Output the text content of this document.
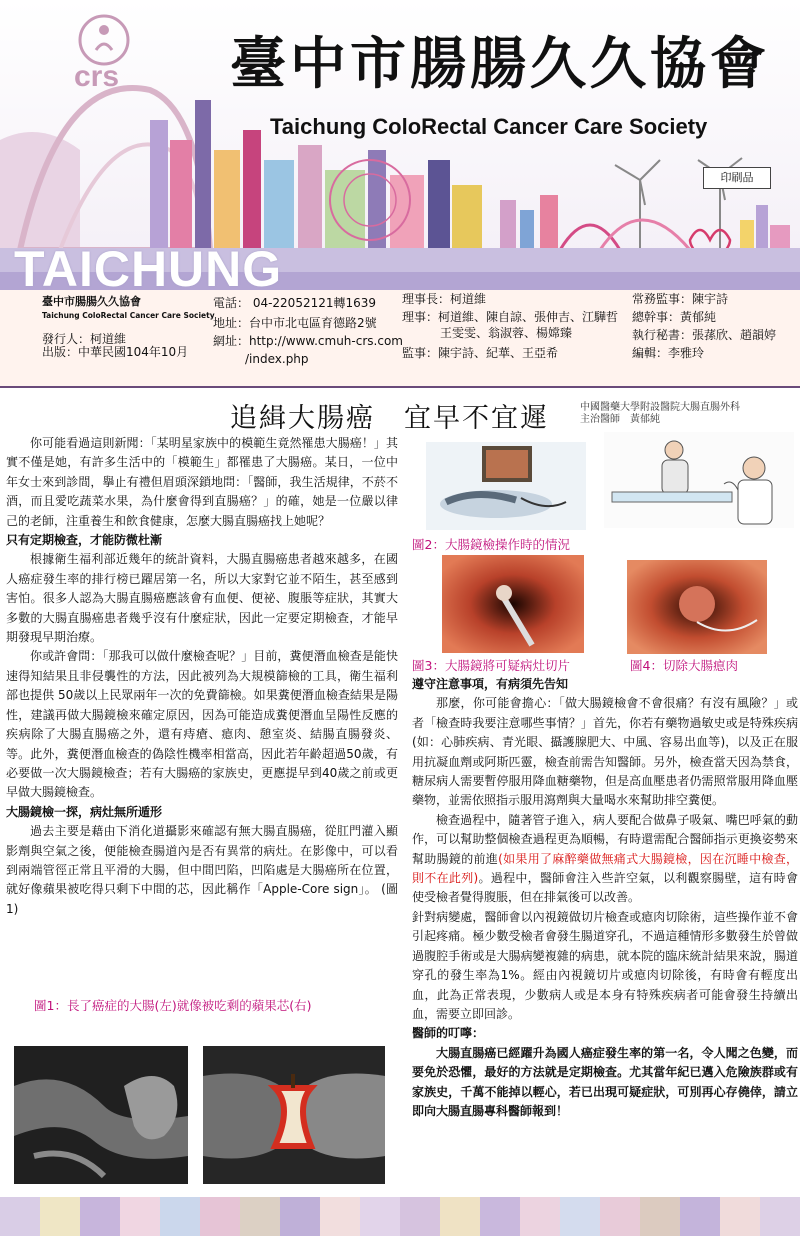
crs 臺中市腸腸久久協會
Taichung ColoRectal Cancer Care Society
印刷品
TAICHUNG
臺中市腸腸久久協會
Taichung ColoRectal Cancer Care Society
發行人：柯道維
出版：中華民國104年10月
電話： 04-22052121轉1639
地址：台中市北屯區育德路2號
網址：http://www.cmuh-crs.com
/index.php
理事長：柯道維
理事：柯道維、陳自諒、張伸吉、江驊哲
王雯雯、翁淑蓉、楊嫦臻
監事：陳宇詩、紀華、王亞希
常務監事：陳宇詩
總幹事：黃郁純
執行秘書：張蓀欣、趙韻婷
編輯：李雅玲
追緝大腸癌　宜早不宜遲	中國醫藥大學附設醫院大腸直腸外科
主治醫師　黃郁純

你可能看過這則新聞：「某明星家族中的模範生竟然罹患大腸癌！」其實不僅是她，有許多生活中的「模範生」都罹患了大腸癌。某日，一位中年女士來到診間，擧止有禮但眉頭深鎖地問：「醫師，我生活規律，不菸不酒，而且愛吃蔬菜水果，為什麼會得到直腸癌？」的確，她是一位嚴以律己的老師，注重養生和飲食健康，怎麼大腸直腸癌找上她呢？

只有定期檢查，才能防微杜漸

根據衛生福利部近幾年的統計資料，大腸直腸癌患者越來越多，在國人癌症發生率的排行榜已躍居第一名，所以大家對它並不陌生，甚至感到害怕。很多人認為大腸直腸癌應該會有血便、便祕、腹脹等症狀，其實大多數的大腸直腸癌患者幾乎沒有什麼症狀，因此一定要定期檢查，才能早期發現早期治療。

你或許會問：「那我可以做什麼檢查呢？」目前，糞便潛血檢查是能快速得知結果且非侵襲性的方法，因此被列為大規模篩檢的工具，衛生福利部也提供 50歲以上民眾兩年一次的免費篩檢。如果糞便潛血檢查結果是陽性，建議再做大腸鏡檢來確定原因，因為可能造成糞便潛血呈陽性反應的疾病除了大腸直腸癌之外，還有痔瘡、瘜肉、憩室炎、結腸直腸發炎、等。此外，糞便潛血檢查的偽陰性機率相當高，因此若年齡超過50歲，有必要做一次大腸鏡檢查；若有大腸癌的家族史，更應提早到40歲之前或更早做大腸鏡檢查。

大腸鏡檢一探，病灶無所遁形

過去主要是藉由下消化道攝影來確認有無大腸直腸癌，從肛門灌入顯影劑與空氣之後，便能檢查腸道內是否有異常的病灶。在影像中，可以看到兩端管徑正常且平滑的大腸，但中間凹陷，凹陷處是大腸癌所在位置，就好像蘋果被吃得只剩下中間的芯，因此稱作「Apple-Core sign」。 (圖1)

圖1：長了癌症的大腸(左)就像被吃剩的蘋果芯(右)
圖2：大腸鏡檢操作時的情況
圖3：大腸鏡將可疑病灶切片	圖4：切除大腸瘜肉

遵守注意事項，有病須先告知

那麼，你可能會擔心：「做大腸鏡檢會不會很痛？有沒有風險？」或者「檢查時我要注意哪些事情？」首先，你若有藥物過敏史或是特殊疾病(如：心肺疾病、青光眼、攝護腺肥大、中風、容易出血等)，以及正在服用抗凝血劑或阿斯匹靈，檢查前需告知醫師。另外，檢查當天因為禁食，糖尿病人需要暫停服用降血糖藥物，但是高血壓患者仍需照常服用降血壓藥物，並需依照指示服用瀉劑與大量喝水來幫助排空糞便。

檢查過程中，隨著管子進入，病人要配合做鼻子吸氣、嘴巴呼氣的動作，可以幫助整個檢查過程更為順暢，有時還需配合醫師指示更換姿勢來幫助腸鏡的前進(如果用了麻醉藥做無痛式大腸鏡檢，因在沉睡中檢查，則不在此列)。過程中，醫師會注入些許空氣，以利觀察腸壁，這有時會使受檢者覺得腹脹，但在排氣後可以改善。

針對病變處，醫師會以內視鏡做切片檢查或瘜肉切除術，這些操作並不會引起疼痛。極少數受檢者會發生腸道穿孔，不過這種情形多數發生於曾做過腹腔手術或是大腸病變複雜的病患，就本院的臨床統計結果來說，腸道穿孔的發生率為1%。經由內視鏡切片或瘜肉切除後，有時會有輕度出血，此為正常表現，少數病人或是本身有特殊疾病者可能會發生持續出血，需要立即回診。

醫師的叮嚀：

大腸直腸癌已經躍升為國人癌症發生率的第一名，令人聞之色變，而要免於恐懼，最好的方法就是定期檢查。尤其當年紀已邁入危險族群或有家族史，千萬不能掉以輕心，若已出現可疑症狀，可別再心存僥倖，請立即向大腸直腸專科醫師報到！
